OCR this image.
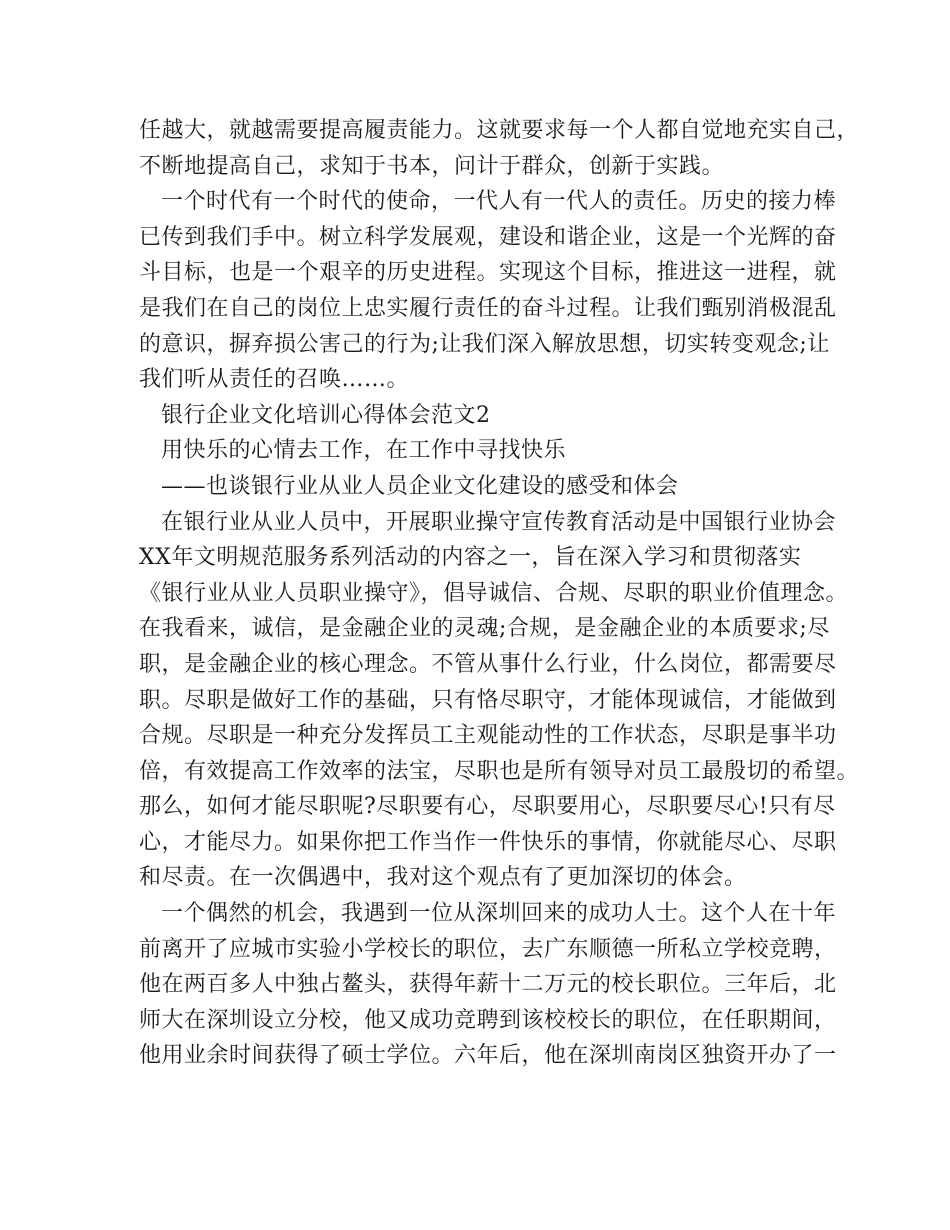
任越大，就越需要提高履责能力。这就要求每一个人都自觉地充实自己，
不断地提高自己，求知于书本，问计于群众，创新于实践。
一个时代有一个时代的使命，一代人有一代人的责任。历史的接力棒
已传到我们手中。树立科学发展观，建设和谐企业，这是一个光辉的奋
斗目标，也是一个艰辛的历史进程。实现这个目标，推进这一进程，就
是我们在自己的岗位上忠实履行责任的奋斗过程。让我们甄别消极混乱
的意识，摒弃损公害己的行为;让我们深入解放思想，切实转变观念;让
我们听从责任的召唤……。
银行企业文化培训心得体会范文2
用快乐的心情去工作，在工作中寻找快乐
——也谈银行业从业人员企业文化建设的感受和体会
在银行业从业人员中，开展职业操守宣传教育活动是中国银行业协会
XX年文明规范服务系列活动的内容之一，旨在深入学习和贯彻落实
《银行业从业人员职业操守》，倡导诚信、合规、尽职的职业价值理念。
在我看来，诚信，是金融企业的灵魂;合规，是金融企业的本质要求;尽
职，是金融企业的核心理念。不管从事什么行业，什么岗位，都需要尽
职。尽职是做好工作的基础，只有恪尽职守，才能体现诚信，才能做到
合规。尽职是一种充分发挥员工主观能动性的工作状态，尽职是事半功
倍，有效提高工作效率的法宝，尽职也是所有领导对员工最殷切的希望。
那么，如何才能尽职呢?尽职要有心，尽职要用心，尽职要尽心!只有尽
心，才能尽力。如果你把工作当作一件快乐的事情，你就能尽心、尽职
和尽责。在一次偶遇中，我对这个观点有了更加深切的体会。
一个偶然的机会，我遇到一位从深圳回来的成功人士。这个人在十年
前离开了应城市实验小学校长的职位，去广东顺德一所私立学校竞聘，
他在两百多人中独占鳌头，获得年薪十二万元的校长职位。三年后，北
师大在深圳设立分校，他又成功竞聘到该校校长的职位，在任职期间，
他用业余时间获得了硕士学位。六年后，他在深圳南岗区独资开办了一
